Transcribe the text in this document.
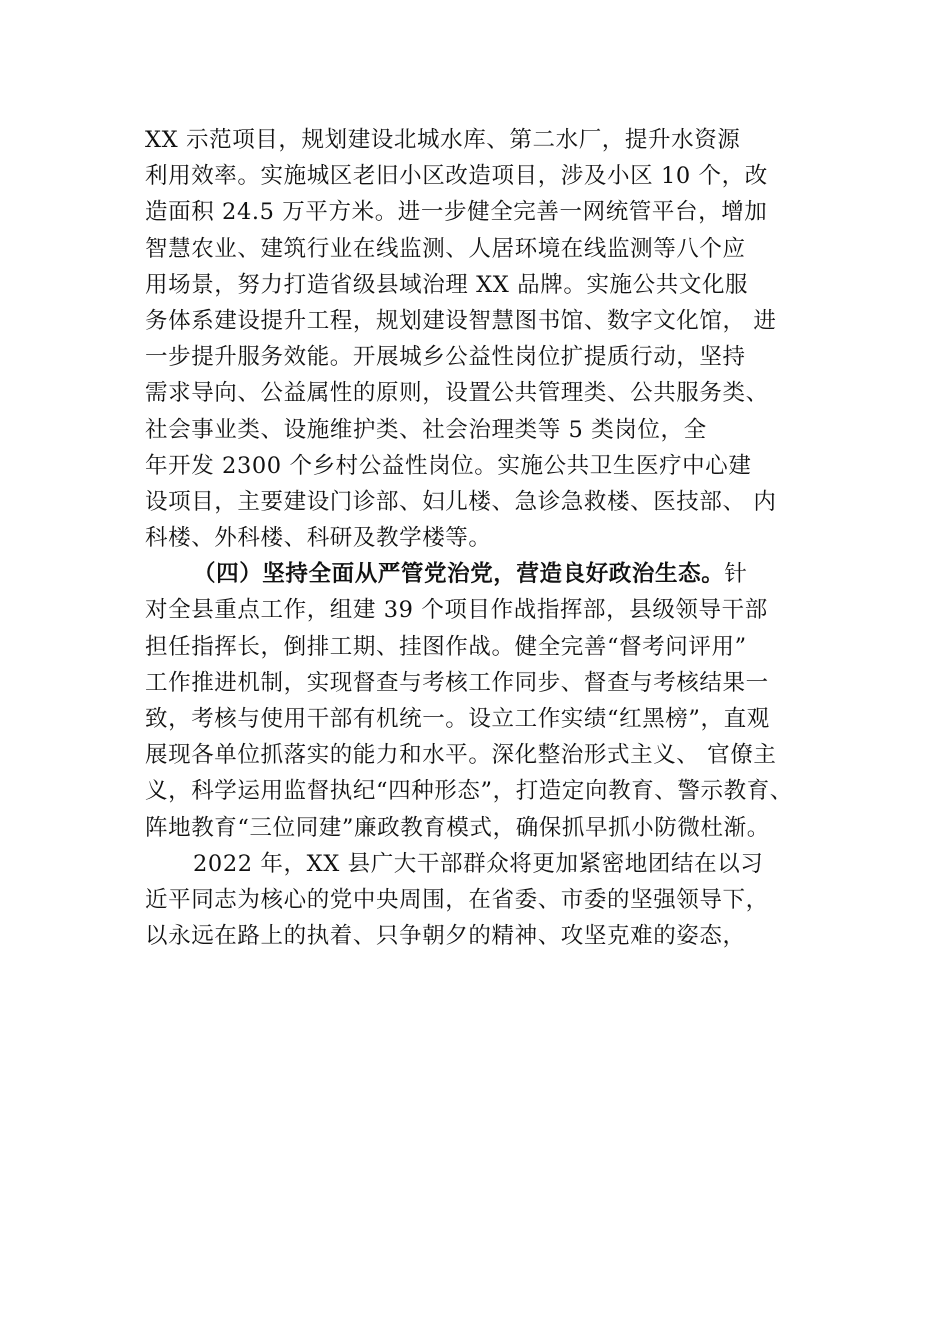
XX 示范项目，规划建设北城水库、第二水厂，提升水资源
利用效率。实施城区老旧小区改造项目，涉及小区 10 个，改
造面积 24.5 万平方米。进一步健全完善一网统管平台，增加
智慧农业、建筑行业在线监测、人居环境在线监测等八个应
用场景，努力打造省级县域治理 XX 品牌。实施公共文化服
务体系建设提升工程，规划建设智慧图书馆、数字文化馆， 进
一步提升服务效能。开展城乡公益性岗位扩提质行动，坚持
需求导向、公益属性的原则，设置公共管理类、公共服务类、
社会事业类、设施维护类、社会治理类等 5 类岗位，全
年开发 2300 个乡村公益性岗位。实施公共卫生医疗中心建
设项目，主要建设门诊部、妇儿楼、急诊急救楼、医技部、 内
科楼、外科楼、科研及教学楼等。
（四）坚持全面从严管党治党，营造良好政治生态。针
对全县重点工作，组建 39 个项目作战指挥部，县级领导干部
担任指挥长，倒排工期、挂图作战。健全完善“督考问评用”
工作推进机制，实现督查与考核工作同步、督查与考核结果一
致，考核与使用干部有机统一。设立工作实绩“红黑榜”，直观
展现各单位抓落实的能力和水平。深化整治形式主义、 官僚主
义，科学运用监督执纪“四种形态”，打造定向教育、警示教育、
阵地教育“三位同建”廉政教育模式，确保抓早抓小防微杜渐。
2022 年，XX 县广大干部群众将更加紧密地团结在以习
近平同志为核心的党中央周围，在省委、市委的坚强领导下，
以永远在路上的执着、只争朝夕的精神、攻坚克难的姿态，
